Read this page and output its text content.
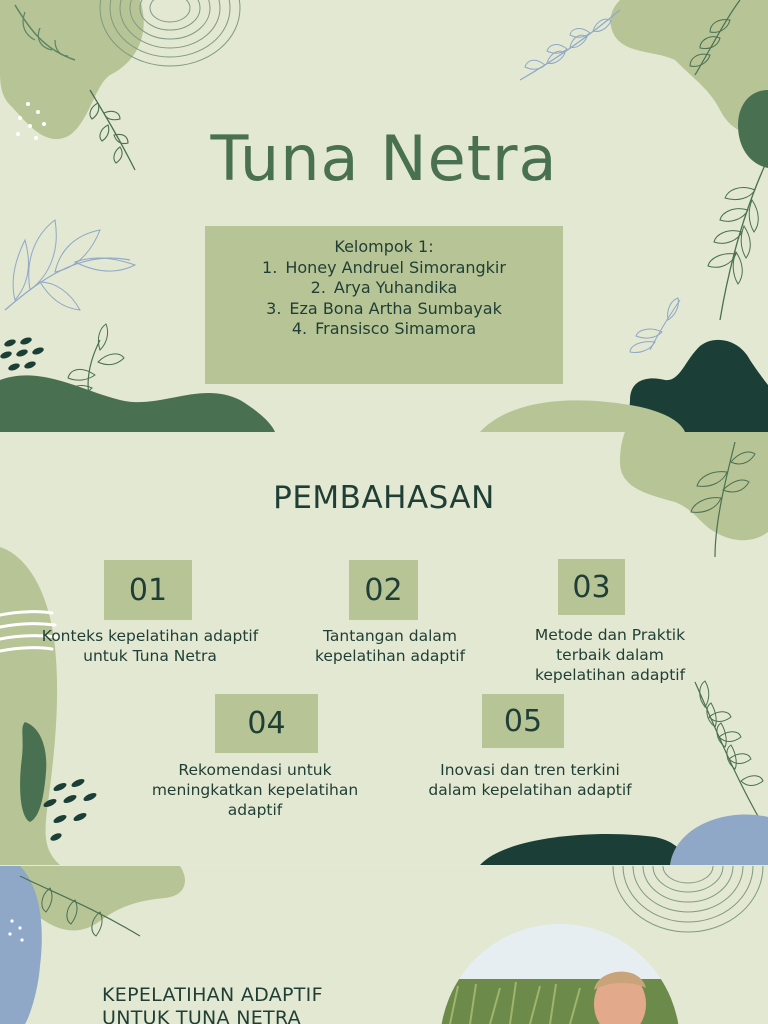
Tuna Netra
Kelompok 1:
1. Honey Andruel Simorangkir
2. Arya Yuhandika
3. Eza Bona Artha Sumbayak
4. Fransisco Simamora
PEMBAHASAN
01
Konteks kepelatihan adaptif
untuk Tuna Netra
02
Tantangan dalam
kepelatihan adaptif
03
Metode dan Praktik
terbaik dalam
kepelatihan adaptif
04
Rekomendasi untuk
meningkatkan kepelatihan
adaptif
05
Inovasi dan tren terkini
dalam kepelatihan adaptif
KEPELATIHAN ADAPTIF
UNTUK TUNA NETRA
